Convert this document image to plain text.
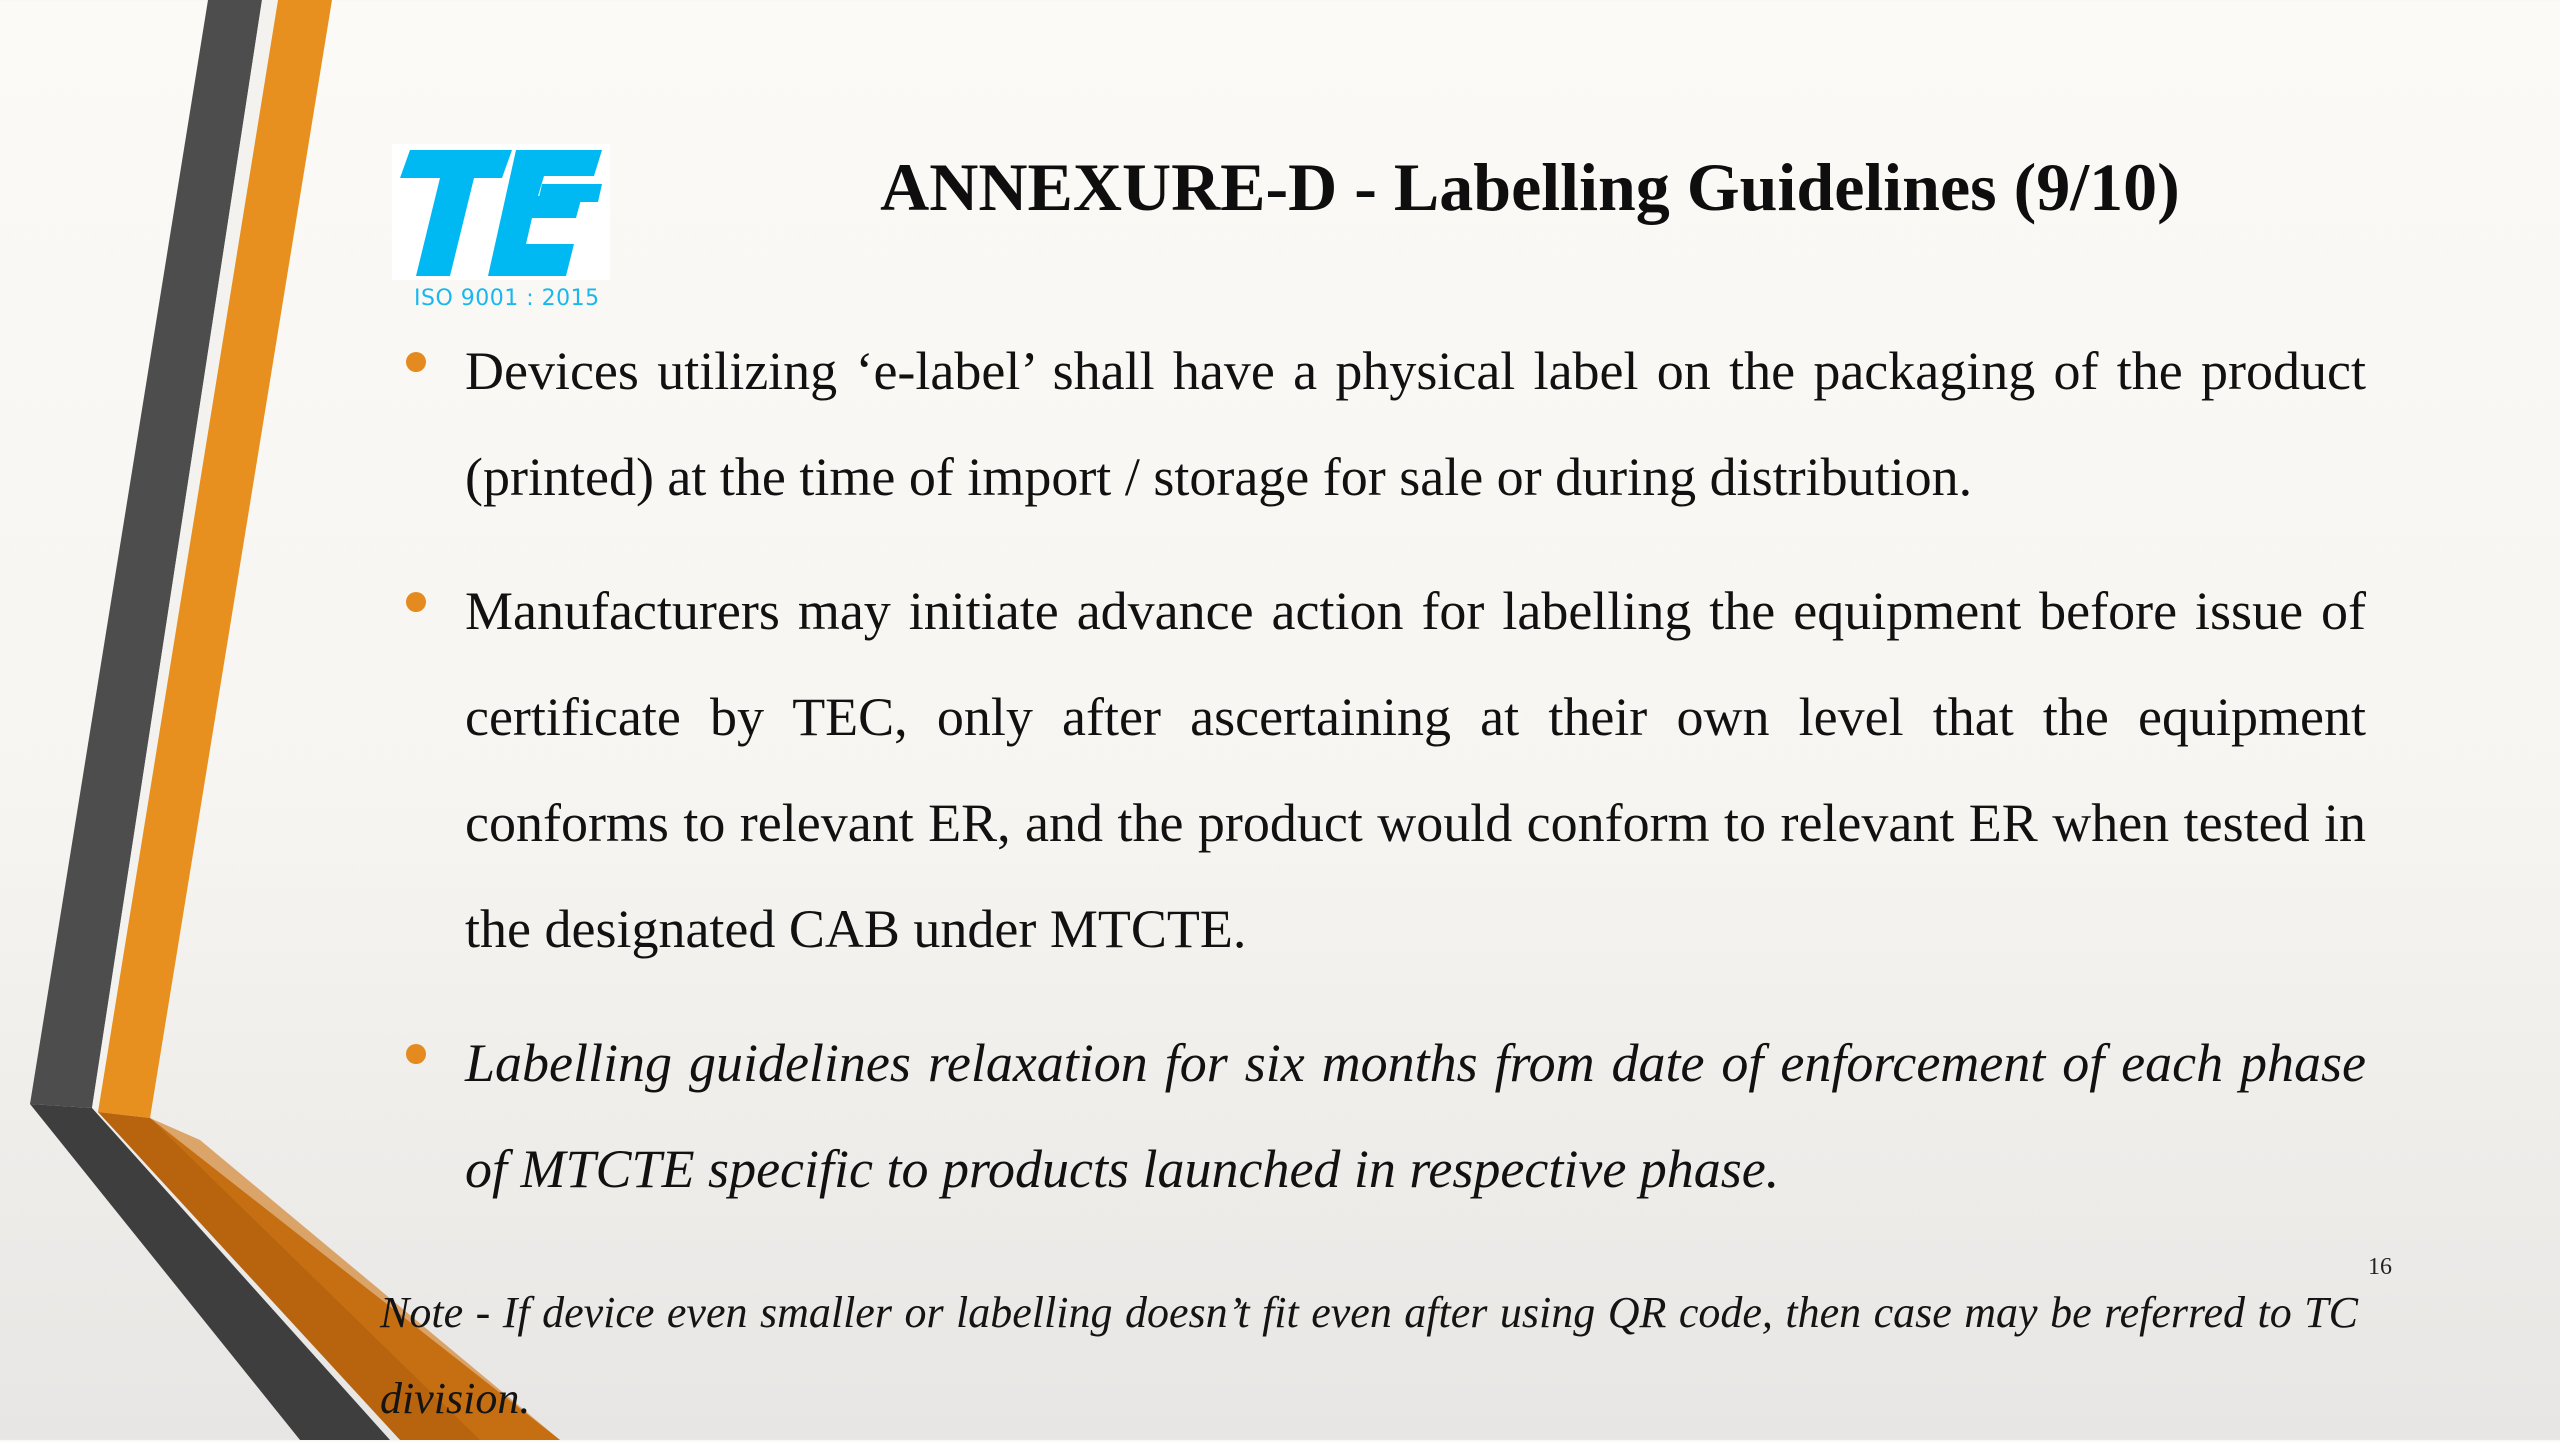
ISO 9001 : 2015
ANNEXURE-D - Labelling Guidelines (9/10)
Devices utilizing ‘e-label’ shall have a physical label on the packaging of the product (printed) at the time of import / storage for sale or during distribution.
Manufacturers may initiate advance action for labelling the equipment before issue of certificate by TEC, only after ascertaining at their own level that the equipment conforms to relevant ER, and the product would conform to relevant ER when tested in the designated CAB under MTCTE.
Labelling guidelines relaxation for six months from date of enforcement of each phase of MTCTE specific to products launched in respective phase.
16
Note - If device even smaller or labelling doesn’t fit even after using QR code, then case may be referred to TC division.
